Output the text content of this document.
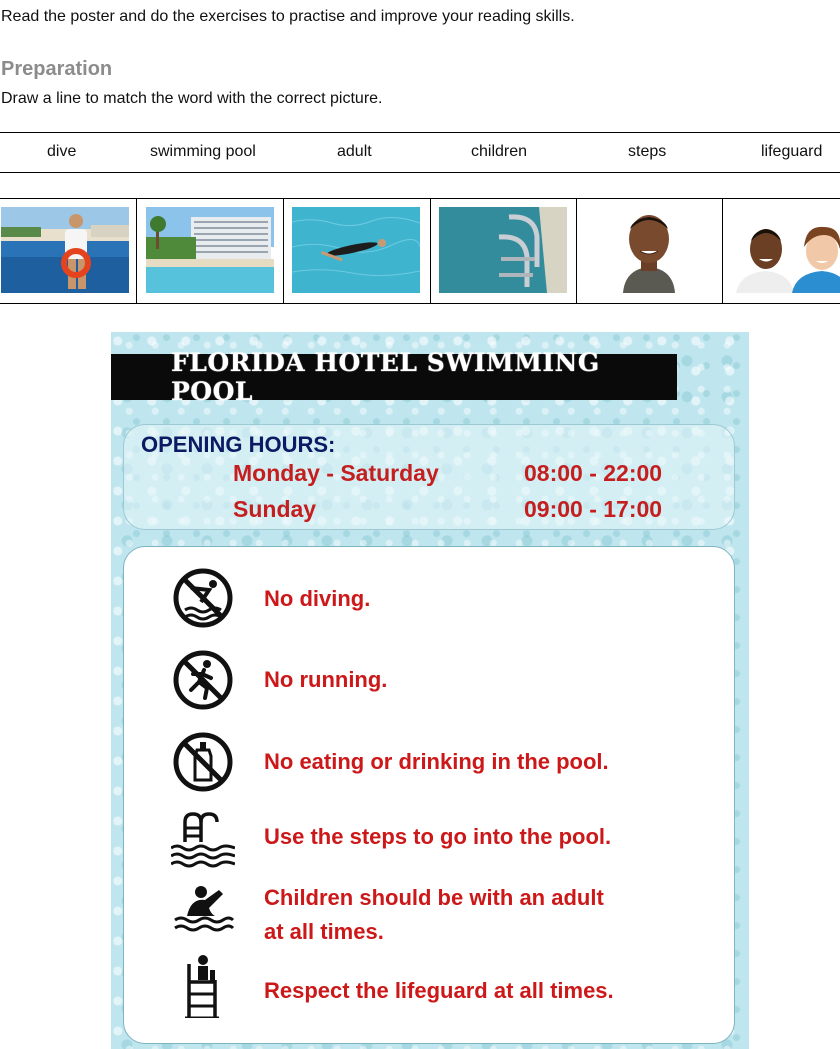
Read the poster and do the exercises to practise and improve your reading skills.
Preparation
Draw a line to match the word with the correct picture.
dive	swimming pool	adult	children	steps	lifeguard
FLORIDA HOTEL SWIMMING POOL
OPENING HOURS:
Monday - Saturday	08:00 - 22:00
Sunday	09:00 - 17:00
No diving.
No running.
No eating or drinking in the pool.
Use the steps to go into the pool.
Children should be with an adult
at all times.
Respect the lifeguard at all times.
